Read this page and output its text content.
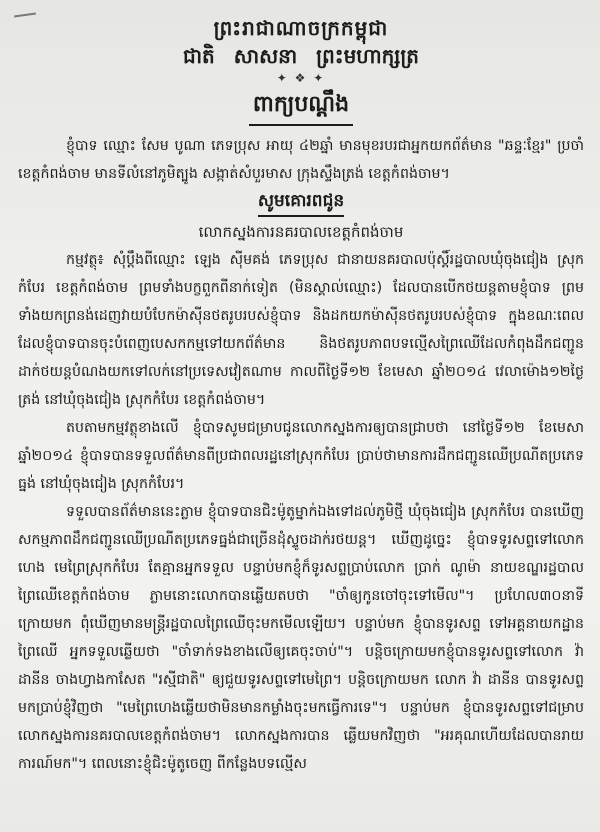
ព្រះរាជាណាចក្រកម្ពុជា

ជាតិ សាសនា ព្រះមហាក្សត្រ

✦ ❖ ✦
ពាក្យបណ្ដឹង

ខ្ញុំបាទ ឈ្មោះ សែម បូណា ភេទប្រុស អាយុ ៤២ឆ្នាំ មានមុខរបរជាអ្នកយកព័ត៌មាន "ឆន្ទៈខ្មែរ" ប្រចាំខេត្តកំពង់ចាម មានទីលំនៅភូមិត្បូង សង្កាត់សំបួរមាស ក្រុងស្ទឹងត្រង់ ខេត្តកំពង់ចាម។

សូមគោរពជូន

លោកស្នងការនគរបាលខេត្តកំពង់ចាម

កម្មវត្ថុ៖ សុំប្ដឹងពីឈ្មោះ ឡេង ស៊ីមគង់ ភេទប្រុស ជានាយនគរបាលប៉ុស្តិ៍រដ្ឋបាលឃុំចុងជៀង ស្រុកកំបែរ ខេត្តកំពង់ចាម ព្រមទាំងបក្ខពួកពីនាក់ទៀត (មិនស្គាល់ឈ្មោះ) ដែលបានបើកថយន្តតាមខ្ញុំបាទ ព្រមទាំងយកព្រនង់ដេញវាយបំបែកម៉ាស៊ីនថតរូបរបស់ខ្ញុំបាទ និងដកយកម៉ាស៊ីនថតរូបរបស់ខ្ញុំបាទ ក្នុងខណៈពេលដែលខ្ញុំបាទបានចុះបំពេញបេសកកម្មទៅយកព័ត៌មាន និងថតរូបភាពបទល្មើសព្រៃឈើដែលកំពុងដឹកជញ្ជូនដាក់ថយន្តបំណងយកទៅលក់នៅប្រទេសវៀតណាម កាលពីថ្ងៃទី១២ ខែមេសា ឆ្នាំ២០១៤ វេលាម៉ោង១២ថ្ងៃត្រង់ នៅឃុំចុងជៀង ស្រុកកំបែរ ខេត្តកំពង់ចាម។

តបតាមកម្មវត្ថុខាងលើ ខ្ញុំបាទសូមជម្រាបជូនលោកស្នងការឲ្យបានជ្រាបថា នៅថ្ងៃទី១២ ខែមេសា ឆ្នាំ២០១៤ ខ្ញុំបាទបានទទួលព័ត៌មានពីប្រជាពលរដ្ឋនៅស្រុកកំបែរ ប្រាប់ថាមានការដឹកជញ្ជូនឈើប្រណីតប្រភេទធ្នង់ នៅឃុំចុងជៀង ស្រុកកំបែរ។

ទទួលបានព័ត៌មាននេះភ្លាម ខ្ញុំបាទបានជិះម៉ូតូម្នាក់ឯងទៅដល់ភូមិថ្មី ឃុំចុងជៀង ស្រុកកំបែរ បានឃើញសកម្មភាពដឹកជញ្ជូនឈើប្រណីតប្រភេទធ្នង់ជាច្រើនដុំស្ទូចដាក់រថយន្ត។ ឃើញដូច្នេះ ខ្ញុំបាទទូរសព្ទទៅលោក ហេង មេព្រៃស្រុកកំបែរ តែគ្មានអ្នកទទួល បន្ទាប់មកខ្ញុំក៏ទូរសព្ទប្រាប់លោក ប្រាក់ ណូម៉ា នាយខណ្ឌរដ្ឋបាលព្រៃឈើខេត្តកំពង់ចាម ភ្លាមនោះលោកបានឆ្លើយតបថា "ចាំឲ្យកូនចៅចុះទៅមើល"។ ប្រហែល៣០នាទីក្រោយមក ពុំឃើញមានមន្ត្រីរដ្ឋបាលព្រៃឈើចុះមកមើលឡើយ។ បន្ទាប់មក ខ្ញុំបានទូរសព្ទ ទៅអគ្គនាយកដ្ឋានព្រៃឈើ អ្នកទទួលឆ្លើយថា "ចាំទាក់ទងខាងលើឲ្យគេចុះចាប់"។ បន្តិចក្រោយមកខ្ញុំបានទូរសព្ទទៅលោក វ៉ា ដានីន ចាងហ្វាងកាសែត "រស្មីជាតិ" ឲ្យជួយទូរសព្ទទៅមេព្រៃ។ បន្តិចក្រោយមក លោក វ៉ា ដានីន បានទូរសព្ទ មកប្រាប់ខ្ញុំវិញថា "មេព្រៃហេងឆ្លើយថាមិនមានកម្លាំងចុះមកធ្វើការទេ"។ បន្ទាប់មក ខ្ញុំបានទូរសព្ទទៅជម្រាបលោកស្នងការនគរបាលខេត្តកំពង់ចាម។ លោកស្នងការបាន ឆ្លើយមកវិញថា "អរគុណហើយដែលបានរាយការណ៍មក"។ ពេលនោះខ្ញុំជិះម៉ូតូចេញ ពីកន្លែងបទល្មើស
